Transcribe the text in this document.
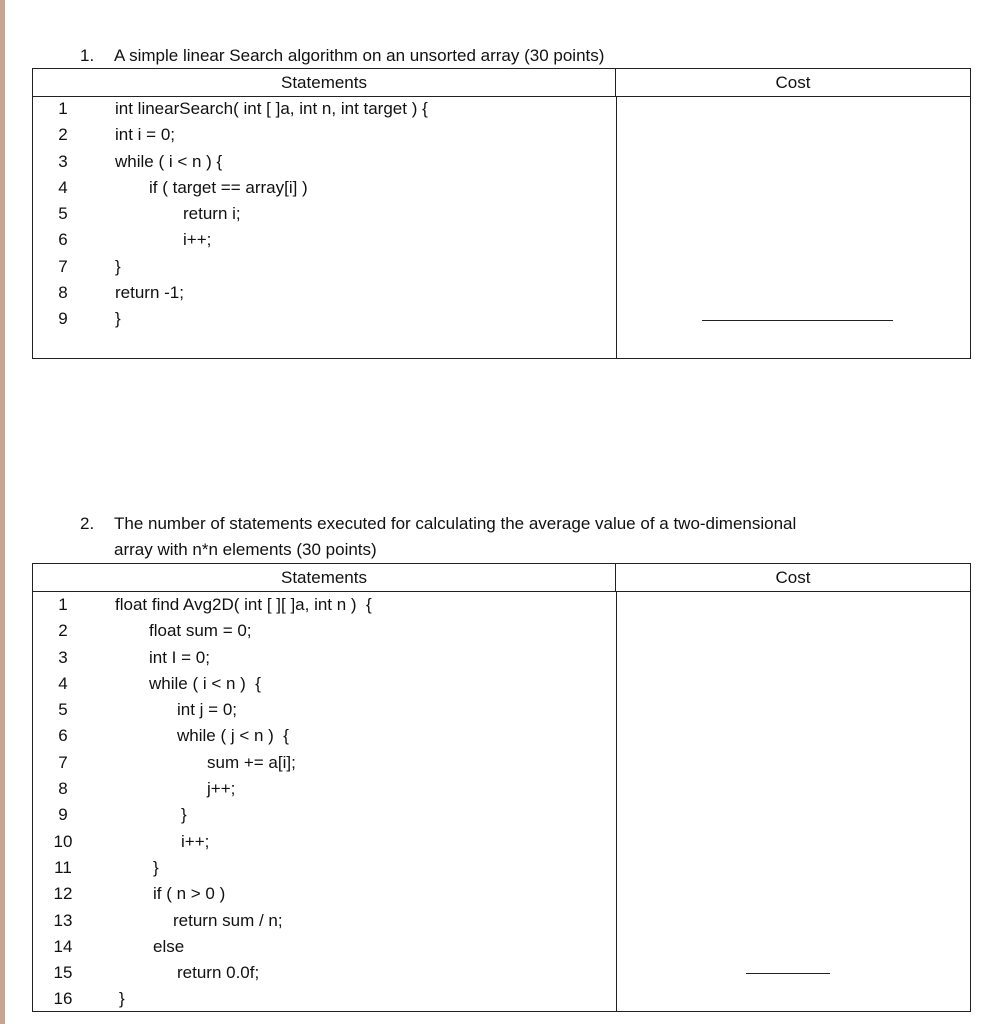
1. A simple linear Search algorithm on an unsorted array (30 points)
Statements	Cost
1	int linearSearch( int [ ]a, int n, int target ) {
2	int i = 0;
3	while ( i < n ) {
4	if ( target == array[i] )
5	return i;
6	i++;
7	}
8	return -1;
9	}
2. The number of statements executed for calculating the average value of a two-dimensional
array with n*n elements (30 points)
Statements	Cost
1	float find Avg2D( int [ ][ ]a, int n )  {
2	float sum = 0;
3	int I = 0;
4	while ( i < n )  {
5	int j = 0;
6	while ( j < n )  {
7	sum += a[i];
8	j++;
9	}
10	i++;
11	}
12	if ( n > 0 )
13	return sum / n;
14	else
15	return 0.0f;
16	}
